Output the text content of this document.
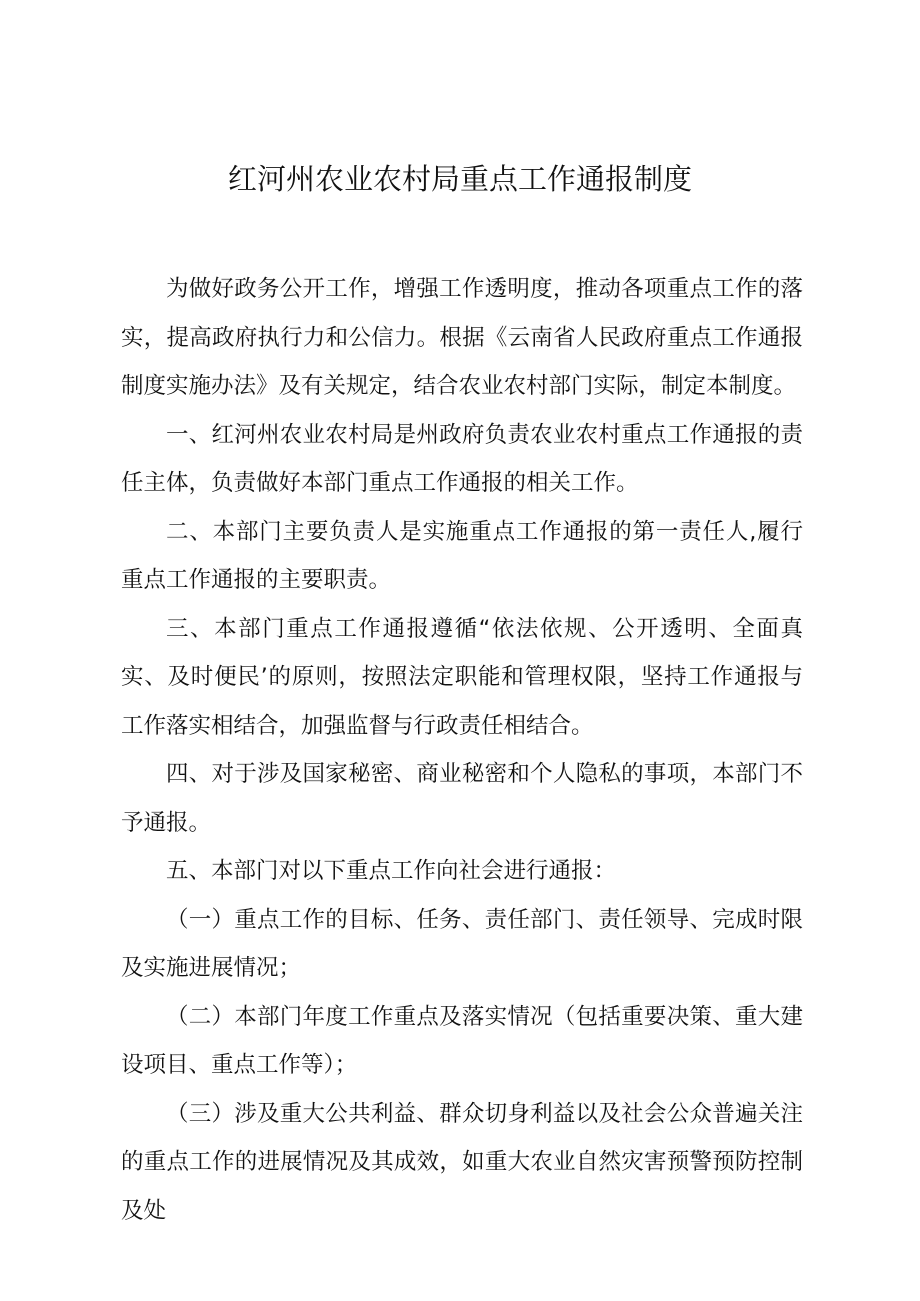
红河州农业农村局重点工作通报制度

为做好政务公开工作，增强工作透明度，推动各项重点工作的落实，提高政府执行力和公信力。根据《云南省人民政府重点工作通报制度实施办法》及有关规定，结合农业农村部门实际，制定本制度。

一、红河州农业农村局是州政府负责农业农村重点工作通报的责任主体，负责做好本部门重点工作通报的相关工作。

二、本部门主要负责人是实施重点工作通报的第一责任人,履行重点工作通报的主要职责。

三、本部门重点工作通报遵循“依法依规、公开透明、全面真实、及时便民’的原则，按照法定职能和管理权限，坚持工作通报与工作落实相结合，加强监督与行政责任相结合。

四、对于涉及国家秘密、商业秘密和个人隐私的事项，本部门不予通报。

五、本部门对以下重点工作向社会进行通报：

（一）重点工作的目标、任务、责任部门、责任领导、完成时限及实施进展情况；

（二）本部门年度工作重点及落实情况（包括重要决策、重大建设项目、重点工作等）；

（三）涉及重大公共利益、群众切身利益以及社会公众普遍关注的重点工作的进展情况及其成效，如重大农业自然灾害预警预防控制及处
